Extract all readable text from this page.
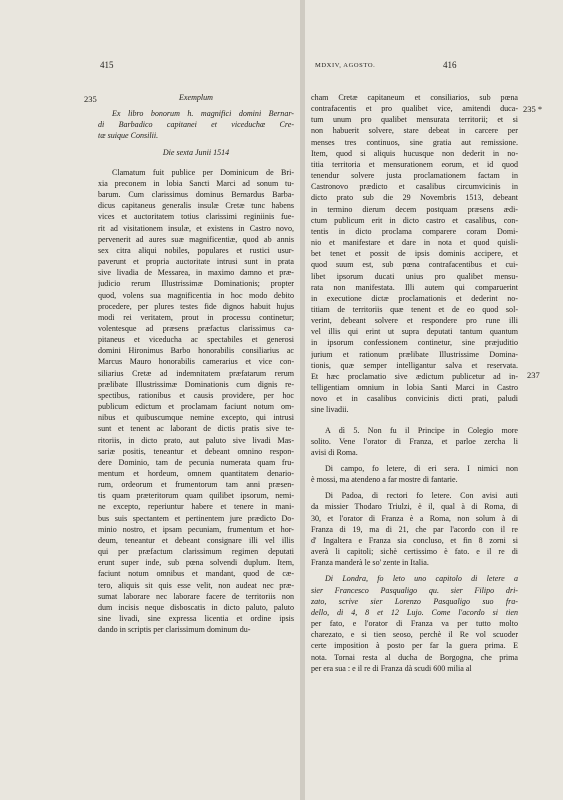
415	MDXIV, AGOSTO.	416
235
235 *
237
Exemplum
Ex libro bonorum h. magnifici domini Bernar-
di Barbadico capitanei et viceduchæ Cre-
tæ suique Consilii.
Die sexta Junii 1514
Clamatum fuit publice per Dominicum de Bri-
xia preconem in lobia Sancti Marci ad sonum tu-
barum. Cum clarissimus dominus Bernardus Barba-
dicus capitaneus generalis insulæ Cretæ tunc habens
vices et auctoritatem totius clarissimi reginiinis fue-
rit ad visitationem insulæ, et existens in Castro novo,
pervenerit ad aures suæ magnificentiæ, quod ab annis
sex citra aliqui nobiles, populares et rustici usur-
paverunt et propria auctoritate intrusi sunt in prata
sive livadia de Messarea, in maximo damno et præ-
judicio rerum Illustrissimæ Dominationis; propter
quod, volens sua magnificentia in hoc modo debito
procedere, per plures testes fide dignos habuit hujus
modi rei veritatem, prout in processu continetur;
volentesque ad præsens præfactus clarissimus ca-
pitaneus et viceducha ac spectabiles et generosi
domini Hironimus Barbo honorabilis consiliarius ac
Marcus Mauro honorabilis camerarius et vice con-
siliarius Cretæ ad indemnitatem præfatarum rerum
prælibate Illustrissimæ Dominationis cum dignis re-
spectibus, rationibus et causis providere, per hoc
publicum edictum et proclamam faciunt notum om-
nibus et quibuscumque nemine excepto, qui intrusi
sunt et tenent ac laborant de dictis pratis sive te-
ritoriis, in dicto prato, aut paluto sive livadi Mas-
sariæ positis, teneantur et debeant omnino respon-
dere Dominio, tam de pecunia numerata quam fru-
mentum et hordeum, omnem quantitatem denario-
rum, ordeorum et frumentorum tam anni præsen-
tis quam præteritorum quam quilibet ipsorum, nemi-
ne excepto, reperiuntur habere et tenere in mani-
bus suis spectantem et pertinentem jure prædicto Do-
minio nostro, et ipsam pecuniam, frumentum et hor-
deum, teneantur et debeant consignare illi vel illis
qui per præfactum clarissimum regimen deputati
erunt super inde, sub pœna solvendi duplum. Item,
faciunt notum omnibus et mandant, quod de cæ-
tero, aliquis sit quis esse velit, non audeat nec præ-
sumat laborare nec laborare facere de territoriis non
dum incisis neque disboscatis in dicto paluto, paluto
sine livadi, sine expressa licentia et ordine ipsis
dando in scriptis per clarissimum dominum du-
cham Cretæ capitaneum et consiliarios, sub pœna
contrafacentis et pro qualibet vice, amitendi duca-
tum unum pro qualibet mensurata territorii; et si
non habuerit solvere, stare debeat in carcere per
menses tres continuos, sine gratia aut remissione.
Item, quod si aliquis hucusque non dederit in no-
titia territoria et mensurationem eorum, et id quod
tenendur solvere justa proclamationem factam in
Castronovo prædicto et casalibus circumvicinis in
dicto prato sub die 29 Novembris 1513, debeant
in termino dierum decem postquam præsens ædi-
ctum publicum erit in dicto castro et casalibus, con-
tentis in dicto proclama comparere coram Domi-
nio et manifestare et dare in nota et quod quisli-
bet tenet et possit de ipsis dominis accipere, et
quod suum est, sub pœna contrafacentibus et cui-
libet ipsorum ducati unius pro qualibet mensu-
rata non manifestata. Illi autem qui comparuerint
in executione dictæ proclamationis et dederint no-
titiam de territoriis quæ tenent et de eo quod sol-
verint, debeant solvere et respondere pro rune illi
vel illis qui erint ut supra deputati tantum quantum
in ipsorum confessionem continetur, sine præjuditio
jurium et rationum prælibate Illustrissime Domina-
tionis, quæ semper intelligantur salva et reservata.
Et hæc proclamatio sive ædictum publicetur ad in-
telligentiam omnium in lobia Santi Marci in Castro
novo et in casalibus convicinis dicti prati, paludi
sine livadii.
A dì 5. Non fu il Principe in Colegio more
solito. Vene l'orator di Franza, et parloe zercha li
avisi di Roma.
Di campo, fo letere, di eri sera. I nimici non
è mossi, ma atendeno a far mostre di fantarie.
Di Padoa, di rectori fo letere. Con avisi auti
da missier Thodaro Triulzi, è il, qual à di Roma, di
30, et l'orator di Franza è a Roma, non solum à di
Franza di 19, ma di 21, che par l'acordo con il re
d' Ingaltera e Franza sia concluso, et fin 8 zorni si
averà li capitoli; sichè certissimo è fato. e il re di
Franza manderà le so' zente in Italia.
Di Londra, fo leto uno capitolo di letere a
sier Francesco Pasqualigo qu. sier Filipo dri-
zato, scrive sier Lorenzo Pasqualigo suo fra-
dello, di 4, 8 et 12 Lujo. Come l'acordo si tien
per fato, e l'orator di Franza va per tutto molto
charezato, e si tien seoso, perchè il Re vol scuoder
certe imposition à posto per far la guera prima. E
nota. Tornai resta al ducha de Borgogna, che prima
per era sua : e il re di Franza dà scudi 600 milia al
